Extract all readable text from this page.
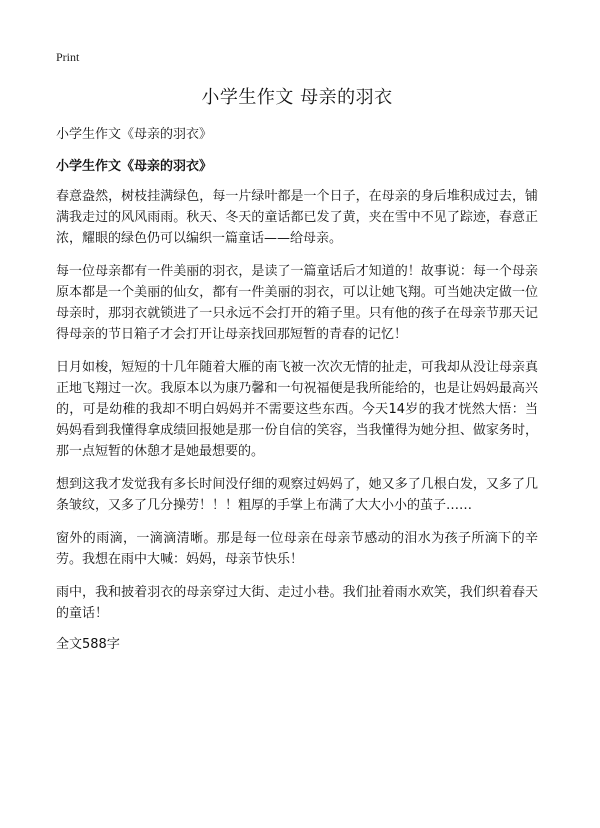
Print
小学生作文 母亲的羽衣
小学生作文《母亲的羽衣》
小学生作文《母亲的羽衣》

春意盎然，树枝挂满绿色，每一片绿叶都是一个日子，在母亲的身后堆积成过去，铺满我走过的风风雨雨。秋天、冬天的童话都已发了黄，夹在雪中不见了踪迹，春意正浓，耀眼的绿色仍可以编织一篇童话——给母亲。

每一位母亲都有一件美丽的羽衣，是读了一篇童话后才知道的！故事说：每一个母亲原本都是一个美丽的仙女，都有一件美丽的羽衣，可以让她飞翔。可当她决定做一位母亲时，那羽衣就锁进了一只永远不会打开的箱子里。只有他的孩子在母亲节那天记得母亲的节日箱子才会打开让母亲找回那短暂的青春的记忆！

日月如梭，短短的十几年随着大雁的南飞被一次次无情的扯走，可我却从没让母亲真正地飞翔过一次。我原本以为康乃馨和一句祝福便是我所能给的，也是让妈妈最高兴的，可是幼稚的我却不明白妈妈并不需要这些东西。今天14岁的我才恍然大悟：当妈妈看到我懂得拿成绩回报她是那一份自信的笑容，当我懂得为她分担、做家务时，那一点短暂的休憩才是她最想要的。

想到这我才发觉我有多长时间没仔细的观察过妈妈了，她又多了几根白发，又多了几条皱纹，又多了几分操劳！！！粗厚的手掌上布满了大大小小的茧子……

窗外的雨滴，一滴滴清晰。那是每一位母亲在母亲节感动的泪水为孩子所滴下的辛劳。我想在雨中大喊：妈妈，母亲节快乐！

雨中，我和披着羽衣的母亲穿过大街、走过小巷。我们扯着雨水欢笑，我们织着春天的童话！

全文588字
